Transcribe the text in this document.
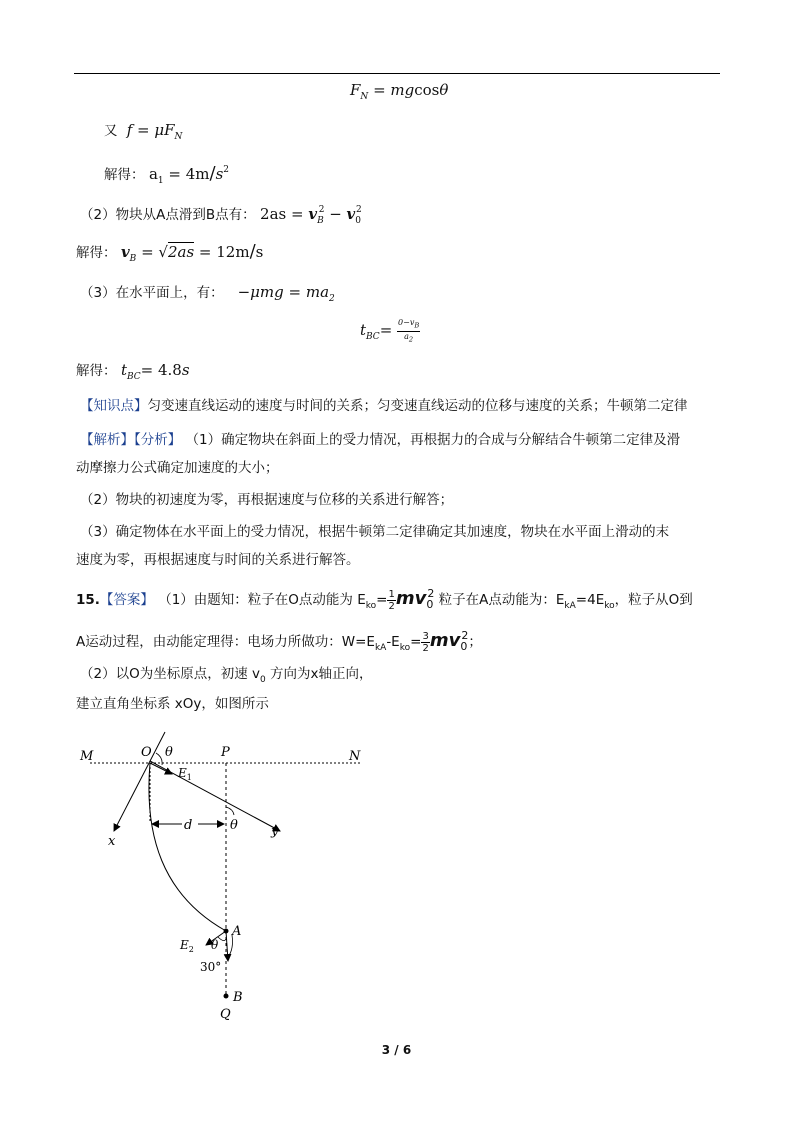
$F_N = mgcos\theta$
又  $f = \mu F_N$
解得： $a_1 = 4m/s^2$
（2）物块从A点滑到B点有： $2as = v_B^2 - v_0^2$
解得： $v_B = √2as = 12m/s$
（3）在水平面上，有： $-\mu mg = ma_2$
$t_{BC}= \frac{0-v_B}{a_2}$
解得： $t_{BC}= 4.8s$
【知识点】匀变速直线运动的速度与时间的关系；匀变速直线运动的位移与速度的关系；牛顿第二定律
【解析】【分析】 （1）确定物块在斜面上的受力情况，再根据力的合成与分解结合牛顿第二定律及滑
动摩擦力公式确定加速度的大小；
（2）物块的初速度为零，再根据速度与位移的关系进行解答；
（3）确定物体在水平面上的受力情况，根据牛顿第二定律确定其加速度，物块在水平面上滑动的末
速度为零，再根据速度与时间的关系进行解答。
15.【答案】 （1）由题知：粒子在O点动能为 $E_{ko}= \frac{1}{2} mv_0^2$ 粒子在A点动能为：$E_{kA}=4E_{ko}$，粒子从O到
A运动过程，由动能定理得：电场力所做功：$W=E_{kA}-E_{ko}= \frac{3}{2} mv_0^2$；
（2）以O为坐标原点，初速 $v_0$ 方向为x轴正向，
建立直角坐标系 xOy，如图所示
M	O θ	P	N
$E_1$
x
d	θ	y
A
$E_2$ θ
30°
B
Q
3 / 6
